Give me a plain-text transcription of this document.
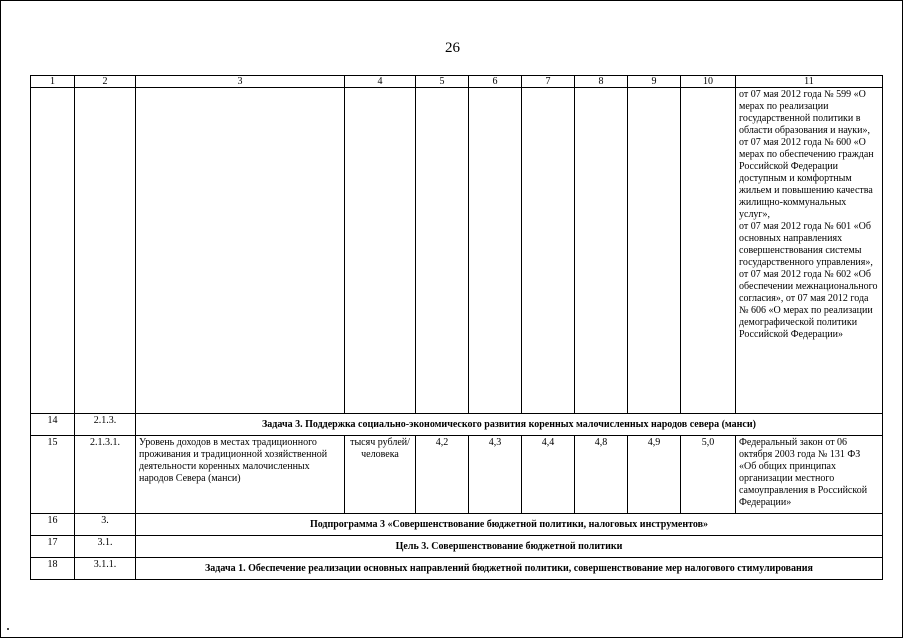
26
1	2	3	4	5	6	7	8	9	10	11
										от 07 мая 2012 года № 599 «О мерах по реализации государственной политики в области образования и науки», от 07 мая 2012 года № 600 «О мерах по обеспечению граждан Российской Федерации доступным и комфортным жильем и повышению качества жилищно-коммунальных услуг»,
от 07 мая 2012 года № 601 «Об основных направлениях совершенствования системы государственного управления»,
от 07 мая 2012 года № 602 «Об обеспечении межнационального согласия», от 07 мая 2012 года № 606 «О мерах по реализации демографической политики Российской Федерации»
14	2.1.3.	Задача 3. Поддержка социально-экономического развития коренных малочисленных народов севера (манси)								
15	2.1.3.1.	Уровень доходов в местах традиционного проживания и традиционной хозяйственной деятельности коренных малочисленных народов Севера (манси)	тысяч рублей/ человека	4,2	4,3	4,4	4,8	4,9	5,0	Федеральный закон от 06 октября 2003 года № 131 ФЗ «Об общих принципах организации местного самоуправления в Российской Федерации»
16	3.	Подпрограмма 3 «Совершенствование бюджетной политики, налоговых инструментов»								
17	3.1.	Цель 3. Совершенствование бюджетной политики								
18	3.1.1.	Задача 1. Обеспечение реализации основных направлений бюджетной политики, совершенствование мер налогового стимулирования								
